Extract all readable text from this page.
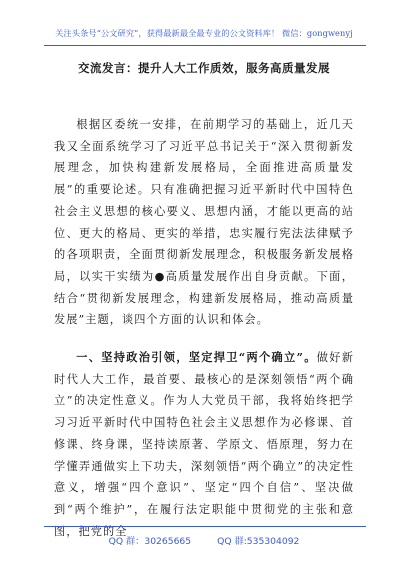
关注头条号“公文研究”，获得最新最全最专业的公文资料库！ 微信：gongwenyj
交流发言：提升人大工作质效，服务高质量发展

根据区委统一安排，在前期学习的基础上，近几天我又全面系统学习了习近平总书记关于“深入贯彻新发展理念，加快构建新发展格局，全面推进高质量发展”的重要论述。只有准确把握习近平新时代中国特色社会主义思想的核心要义、思想内涵，才能以更高的站位、更大的格局、更实的举措，忠实履行宪法法律赋予的各项职责，全面贯彻新发展理念，积极服务新发展格局，以实干实绩为●高质量发展作出自身贡献。下面，结合“贯彻新发展理念，构建新发展格局，推动高质量发展”主题，谈四个方面的认识和体会。

一、坚持政治引领，坚定捍卫“两个确立”。做好新时代人大工作，最首要、最核心的是深刻领悟“两个确立”的决定性意义。作为人大党员干部，我将始终把学习习近平新时代中国特色社会主义思想作为必修课、首修课、终身课，坚持读原著、学原文、悟原理，努力在学懂弄通做实上下功夫，深刻领悟“两个确立”的决定性意义，增强“四个意识”、坚定“四个自信”、坚决做到“两个维护”，在履行法定职能中贯彻党的主张和意图，把党的全

QQ 群：30265665	QQ 群:535304092
